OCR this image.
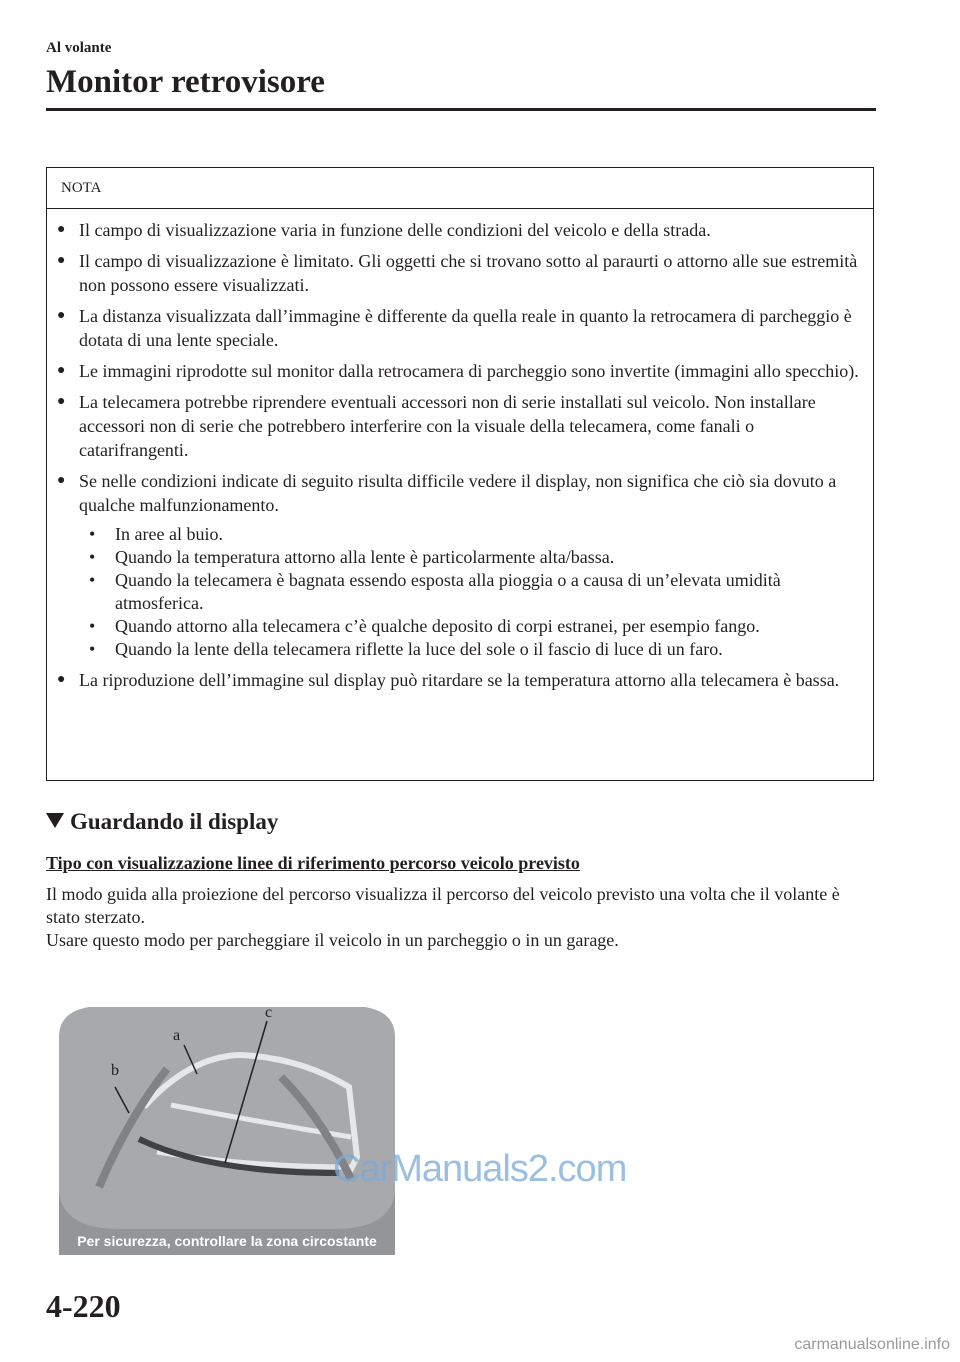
Al volante

Monitor retrovisore
NOTA
● Il campo di visualizzazione varia in funzione delle condizioni del veicolo e della strada.
● Il campo di visualizzazione è limitato. Gli oggetti che si trovano sotto al paraurti o attorno alle sue estremità non possono essere visualizzati.
● La distanza visualizzata dall’immagine è differente da quella reale in quanto la retrocamera di parcheggio è dotata di una lente speciale.
● Le immagini riprodotte sul monitor dalla retrocamera di parcheggio sono invertite (immagini allo specchio).
● La telecamera potrebbe riprendere eventuali accessori non di serie installati sul veicolo. Non installare accessori non di serie che potrebbero interferire con la visuale della telecamera, come fanali o catarifrangenti.
● Se nelle condizioni indicate di seguito risulta difficile vedere il display, non significa che ciò sia dovuto a qualche malfunzionamento.
• In aree al buio.
• Quando la temperatura attorno alla lente è particolarmente alta/bassa.
• Quando la telecamera è bagnata essendo esposta alla pioggia o a causa di un’elevata umidità atmosferica.
• Quando attorno alla telecamera c’è qualche deposito di corpi estranei, per esempio fango.
• Quando la lente della telecamera riflette la luce del sole o il fascio di luce di un faro.
● La riproduzione dell’immagine sul display può ritardare se la temperatura attorno alla telecamera è bassa.
Guardando il display

Tipo con visualizzazione linee di riferimento percorso veicolo previsto

Il modo guida alla proiezione del percorso visualizza il percorso del veicolo previsto una volta che il volante è stato sterzato.
Usare questo modo per parcheggiare il veicolo in un parcheggio o in un garage.
b
a
c
Per sicurezza, controllare la zona circostante
CarManuals2.com

4-220

carmanualsonline.info
